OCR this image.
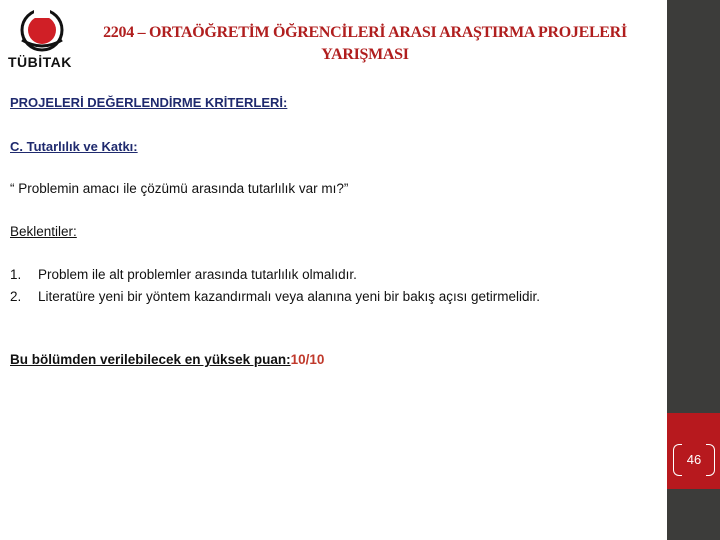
TÜBİTAK
2204 – ORTAÖĞRETİM ÖĞRENCİLERİ ARASI ARAŞTIRMA PROJELERİ
YARIŞMASI
PROJELERİ DEĞERLENDİRME KRİTERLERİ:
C. Tutarlılık ve Katkı:
“ Problemin amacı ile çözümü arasında tutarlılık var mı?”
Beklentiler:
1. Problem ile alt problemler arasında tutarlılık olmalıdır.
2. Literatüre yeni bir yöntem kazandırmalı veya alanına yeni bir bakış açısı getirmelidir.
Bu bölümden verilebilecek en yüksek puan:10/10
46
